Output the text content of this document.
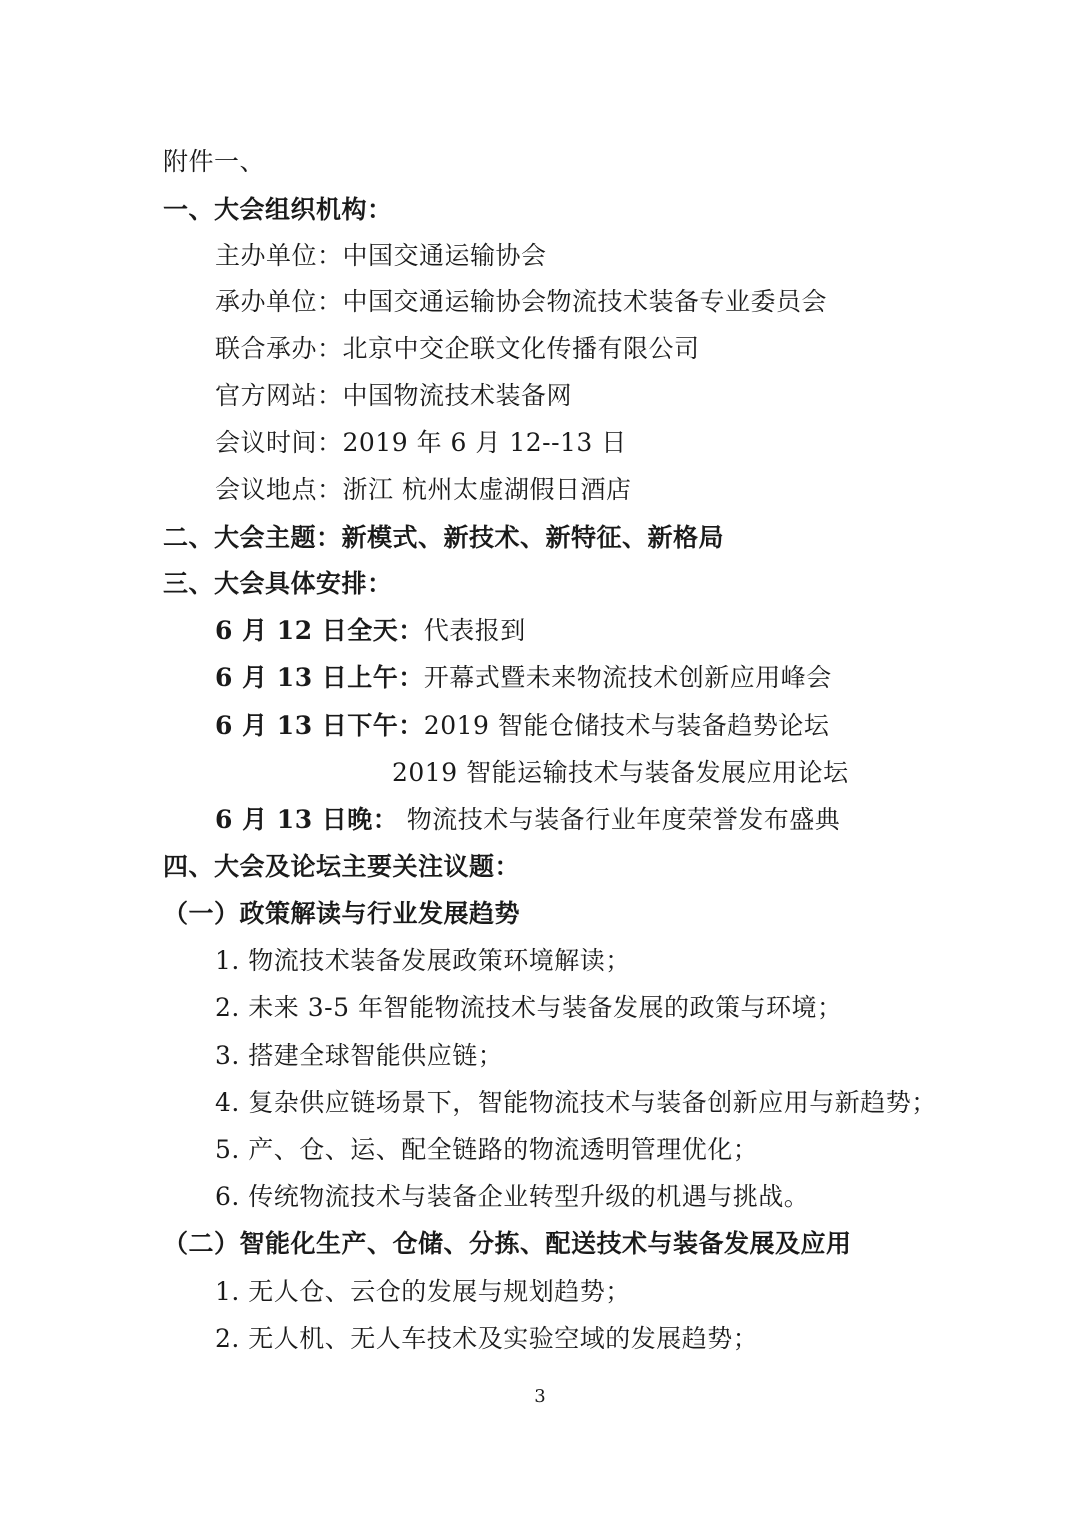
附件一、
一、大会组织机构：
主办单位：中国交通运输协会
承办单位：中国交通运输协会物流技术装备专业委员会
联合承办：北京中交企联文化传播有限公司
官方网站：中国物流技术装备网
会议时间：2019 年 6 月 12--13 日
会议地点：浙江 杭州太虚湖假日酒店
二、大会主题：新模式、新技术、新特征、新格局
三、大会具体安排：
6 月 12 日全天：代表报到
6 月 13 日上午：开幕式暨未来物流技术创新应用峰会
6 月 13 日下午：2019 智能仓储技术与装备趋势论坛
2019 智能运输技术与装备发展应用论坛
6 月 13 日晚： 物流技术与装备行业年度荣誉发布盛典
四、大会及论坛主要关注议题：
（一）政策解读与行业发展趋势
1. 物流技术装备发展政策环境解读；
2. 未来 3-5 年智能物流技术与装备发展的政策与环境；
3. 搭建全球智能供应链；
4. 复杂供应链场景下，智能物流技术与装备创新应用与新趋势；
5. 产、仓、运、配全链路的物流透明管理优化；
6. 传统物流技术与装备企业转型升级的机遇与挑战。
（二）智能化生产、仓储、分拣、配送技术与装备发展及应用
1. 无人仓、云仓的发展与规划趋势；
2. 无人机、无人车技术及实验空域的发展趋势；
3
